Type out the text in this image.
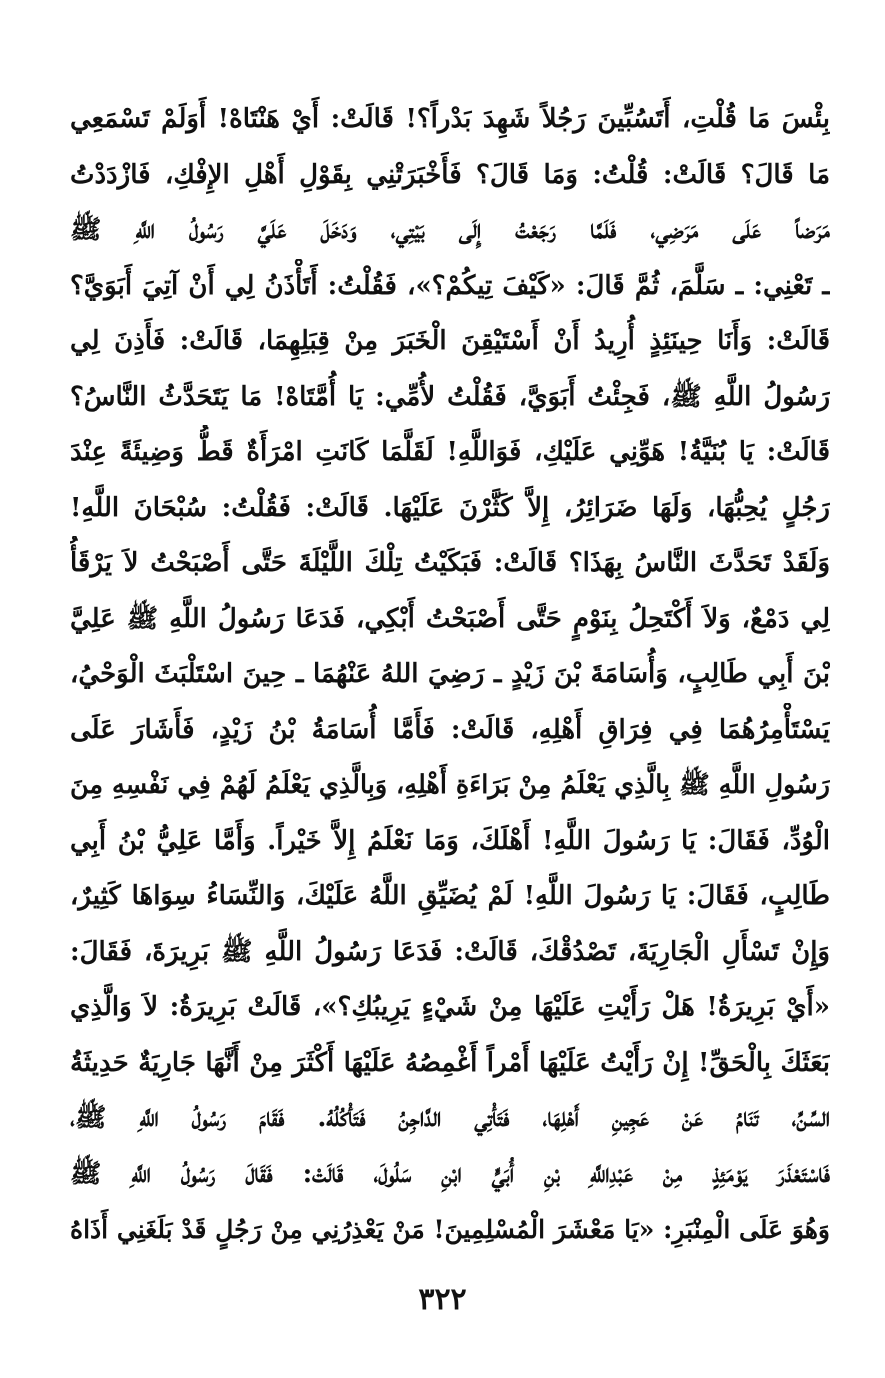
بِئْسَ مَا قُلْتِ، أَتَسُبِّينَ رَجُلاً شَهِدَ بَدْراً؟! قَالَتْ: أَيْ هَنْتَاهْ! أَوَلَمْ تَسْمَعِي
مَا قَالَ؟ قَالَتْ: قُلْتُ: وَمَا قَالَ؟ فَأَخْبَرَتْنِي بِقَوْلِ أَهْلِ الإِفْكِ، فَازْدَدْتُ
مَرَضاً عَلَى مَرَضِي، فَلَمَّا رَجَعْتُ إِلَى بَيْتِي، وَدَخَلَ عَلَيَّ رَسُولُ اللَّهِ ﷺ
ـ تَعْنِي: ـ سَلَّمَ، ثُمَّ قَالَ: «كَيْفَ تِيكُمْ؟»، فَقُلْتُ: أَتَأْذَنُ لِي أَنْ آتِيَ أَبَوَيَّ؟
قَالَتْ: وَأَنَا حِينَئِذٍ أُرِيدُ أَنْ أَسْتَيْقِنَ الْخَبَرَ مِنْ قِبَلِهِمَا، قَالَتْ: فَأَذِنَ لِي
رَسُولُ اللَّهِ ﷺ، فَجِئْتُ أَبَوَيَّ، فَقُلْتُ لأُمِّي: يَا أُمَّتَاهْ! مَا يَتَحَدَّثُ النَّاسُ؟
قَالَتْ: يَا بُنَيَّةُ! هَوِّنِي عَلَيْكِ، فَوَاللَّهِ! لَقَلَّمَا كَانَتِ امْرَأَةٌ قَطُّ وَضِيئَةً عِنْدَ
رَجُلٍ يُحِبُّهَا، وَلَهَا ضَرَائِرُ، إِلاَّ كَثَّرْنَ عَلَيْهَا. قَالَتْ: فَقُلْتُ: سُبْحَانَ اللَّهِ!
وَلَقَدْ تَحَدَّثَ النَّاسُ بِهَذَا؟ قَالَتْ: فَبَكَيْتُ تِلْكَ اللَّيْلَةَ حَتَّى أَصْبَحْتُ لاَ يَرْقَأُ
لِي دَمْعٌ، وَلاَ أَكْتَحِلُ بِنَوْمٍ حَتَّى أَصْبَحْتُ أَبْكِي، فَدَعَا رَسُولُ اللَّهِ ﷺ عَلِيَّ
بْنَ أَبِي طَالِبٍ، وَأُسَامَةَ بْنَ زَيْدٍ ـ رَضِيَ اللهُ عَنْهُمَا ـ حِينَ اسْتَلْبَثَ الْوَحْيُ،
يَسْتَأْمِرُهُمَا فِي فِرَاقِ أَهْلِهِ، قَالَتْ: فَأَمَّا أُسَامَةُ بْنُ زَيْدٍ، فَأَشَارَ عَلَى
رَسُولِ اللَّهِ ﷺ بِالَّذِي يَعْلَمُ مِنْ بَرَاءَةِ أَهْلِهِ، وَبِالَّذِي يَعْلَمُ لَهُمْ فِي نَفْسِهِ مِنَ
الْوُدِّ، فَقَالَ: يَا رَسُولَ اللَّهِ! أَهْلَكَ، وَمَا نَعْلَمُ إِلاَّ خَيْراً. وَأَمَّا عَلِيُّ بْنُ أَبِي
طَالِبٍ، فَقَالَ: يَا رَسُولَ اللَّهِ! لَمْ يُضَيِّقِ اللَّهُ عَلَيْكَ، وَالنِّسَاءُ سِوَاهَا كَثِيرٌ،
وَإِنْ تَسْأَلِ الْجَارِيَةَ، تَصْدُقْكَ، قَالَتْ: فَدَعَا رَسُولُ اللَّهِ ﷺ بَرِيرَةَ، فَقَالَ:
«أَيْ بَرِيرَةُ! هَلْ رَأَيْتِ عَلَيْهَا مِنْ شَيْءٍ يَرِيبُكِ؟»، قَالَتْ بَرِيرَةُ: لاَ وَالَّذِي
بَعَثَكَ بِالْحَقِّ! إِنْ رَأَيْتُ عَلَيْهَا أَمْراً أَغْمِصُهُ عَلَيْهَا أَكْثَرَ مِنْ أَنَّهَا جَارِيَةٌ حَدِيثَةُ
السِّنِّ، تَنَامُ عَنْ عَجِينِ أَهْلِهَا، فَتَأْتِي الدَّاجِنُ فَتَأْكُلُهُ. فَقَامَ رَسُولُ اللَّهِ ﷺ،
فَاسْتَعْذَرَ يَوْمَئِذٍ مِنْ عَبْدِاللَّهِ بْنِ أُبَيٍّ ابْنِ سَلُولَ، قَالَتْ: فَقَالَ رَسُولُ اللَّهِ ﷺ
وَهُوَ عَلَى الْمِنْبَرِ: «يَا مَعْشَرَ الْمُسْلِمِينَ! مَنْ يَعْذِرُنِي مِنْ رَجُلٍ قَدْ بَلَغَنِي أَذَاهُ
٣٢٢
